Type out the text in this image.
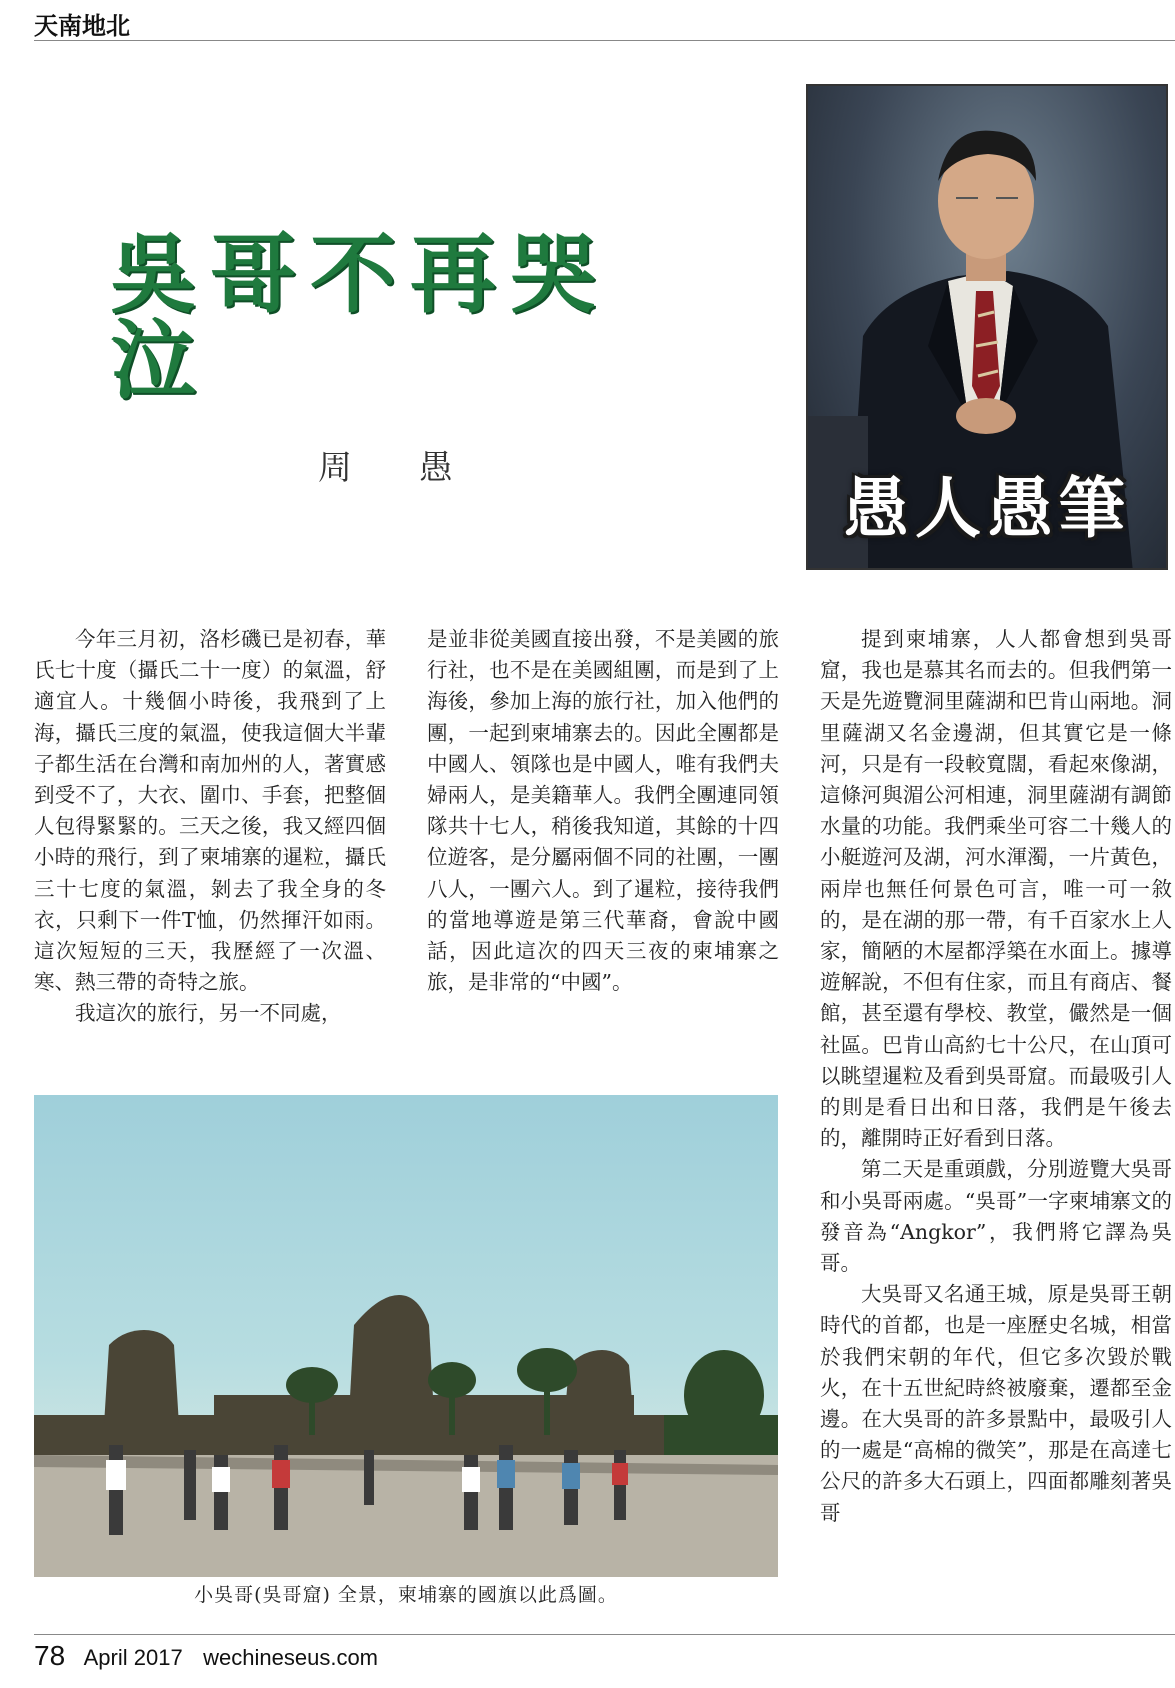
天南地北
吳哥不再哭泣
周 愚
愚人愚筆

今年三月初，洛杉磯已是初春，華氏七十度（攝氏二十一度）的氣溫，舒適宜人。十幾個小時後，我飛到了上海，攝氏三度的氣溫，使我這個大半輩子都生活在台灣和南加州的人，著實感到受不了，大衣、圍巾、手套，把整個人包得緊緊的。三天之後，我又經四個小時的飛行，到了柬埔寨的暹粒，攝氏三十七度的氣溫，剝去了我全身的冬衣，只剩下一件T恤，仍然揮汗如雨。這次短短的三天，我歷經了一次溫、寒、熱三帶的奇特之旅。

我這次的旅行，另一不同處，

是並非從美國直接出發，不是美國的旅行社，也不是在美國組團，而是到了上海後，參加上海的旅行社，加入他們的團，一起到柬埔寨去的。因此全團都是中國人、領隊也是中國人，唯有我們夫婦兩人，是美籍華人。我們全團連同領隊共十七人，稍後我知道，其餘的十四位遊客，是分屬兩個不同的社團，一團八人，一團六人。到了暹粒，接待我們的當地導遊是第三代華裔，會說中國話，因此這次的四天三夜的柬埔寨之旅，是非常的“中國”。

提到柬埔寨，人人都會想到吳哥窟，我也是慕其名而去的。但我們第一天是先遊覽洞里薩湖和巴肯山兩地。洞里薩湖又名金邊湖，但其實它是一條河，只是有一段較寬闊，看起來像湖，這條河與湄公河相連，洞里薩湖有調節水量的功能。我們乘坐可容二十幾人的小艇遊河及湖，河水渾濁，一片黃色，兩岸也無任何景色可言，唯一可一敘的，是在湖的那一帶，有千百家水上人家，簡陋的木屋都浮築在水面上。據導遊解說，不但有住家，而且有商店、餐館，甚至還有學校、教堂，儼然是一個社區。巴肯山高約七十公尺，在山頂可以眺望暹粒及看到吳哥窟。而最吸引人的則是看日出和日落，我們是午後去的，離開時正好看到日落。

第二天是重頭戲，分別遊覽大吳哥和小吳哥兩處。“吳哥”一字柬埔寨文的發音為“Angkor”，我們將它譯為吳哥。

大吳哥又名通王城，原是吳哥王朝時代的首都，也是一座歷史名城，相當於我們宋朝的年代，但它多次毀於戰火，在十五世紀時終被廢棄，遷都至金邊。在大吳哥的許多景點中，最吸引人的一處是“高棉的微笑”，那是在高達七公尺的許多大石頭上，四面都雕刻著吳哥

小吳哥(吳哥窟) 全景，柬埔寨的國旗以此爲圖。
78 April 2017 wechineseus.com
